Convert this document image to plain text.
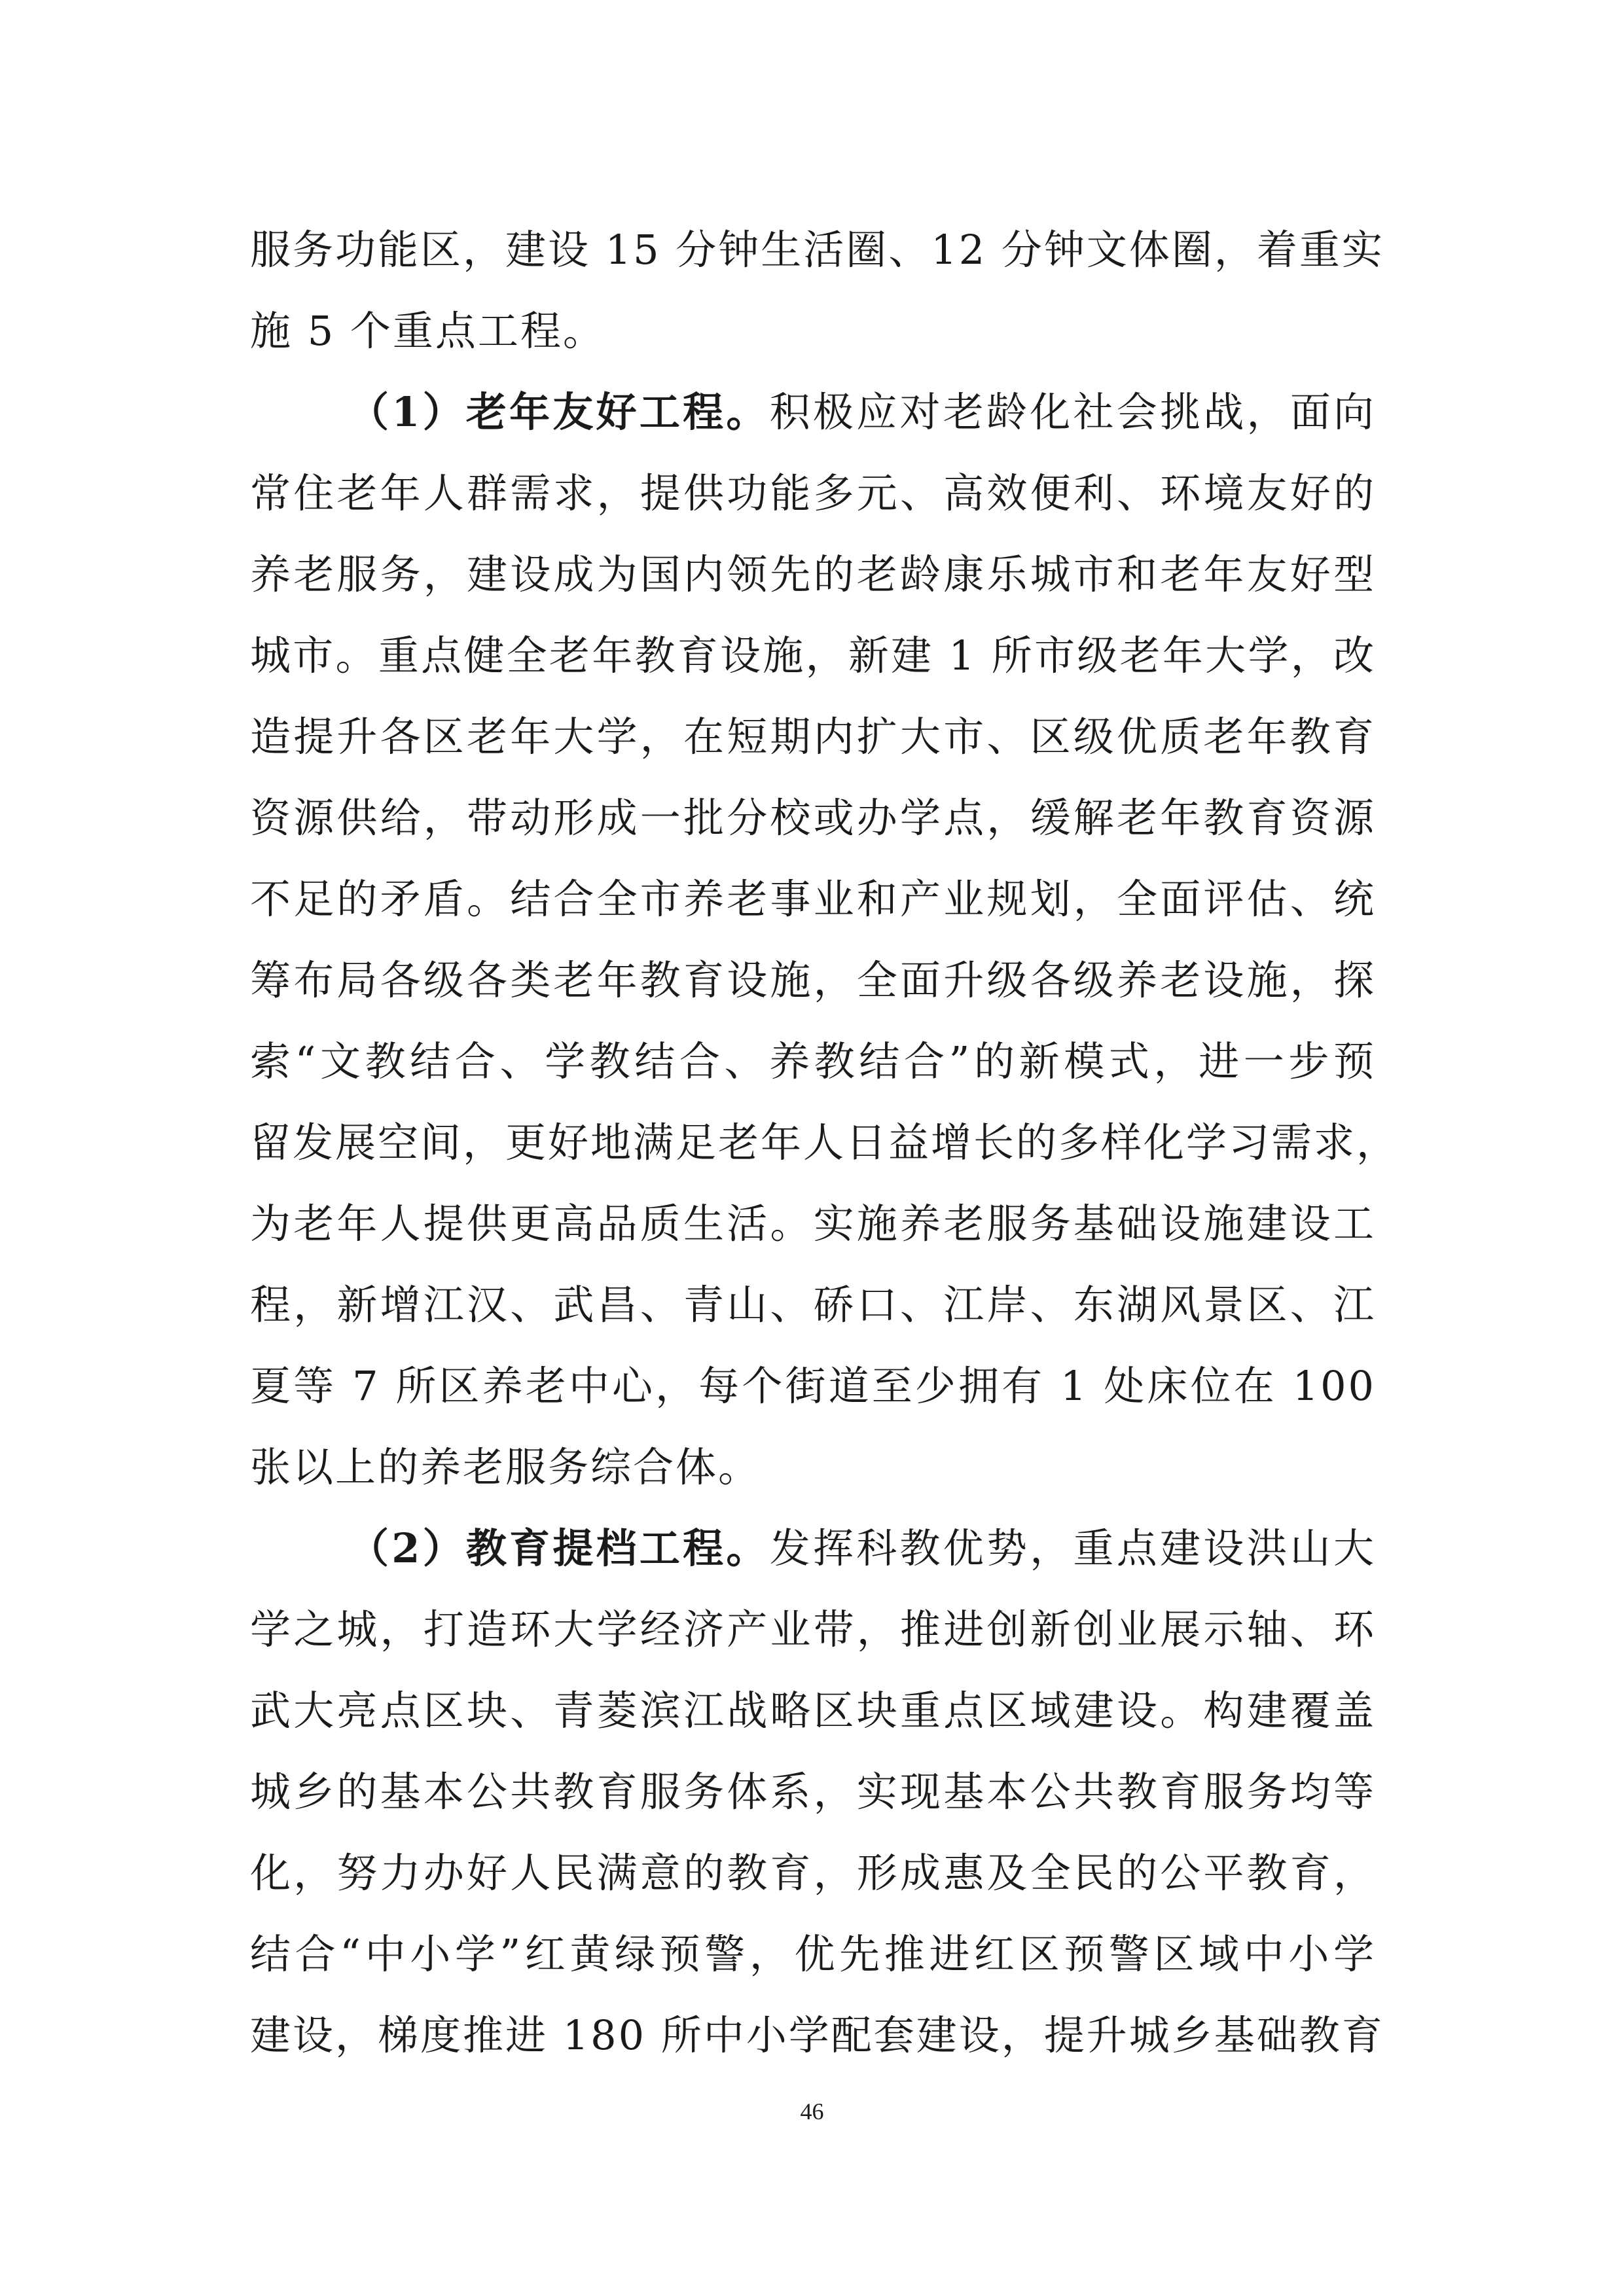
服务功能区，建设 15 分钟生活圈、12 分钟文体圈，着重实
施 5 个重点工程。
（1）老年友好工程。积极应对老龄化社会挑战，面向
常住老年人群需求，提供功能多元、高效便利、环境友好的
养老服务，建设成为国内领先的老龄康乐城市和老年友好型
城市。重点健全老年教育设施，新建 1 所市级老年大学，改
造提升各区老年大学，在短期内扩大市、区级优质老年教育
资源供给，带动形成一批分校或办学点，缓解老年教育资源
不足的矛盾。结合全市养老事业和产业规划，全面评估、统
筹布局各级各类老年教育设施，全面升级各级养老设施，探
索“文教结合、学教结合、养教结合”的新模式，进一步预
留发展空间，更好地满足老年人日益增长的多样化学习需求，
为老年人提供更高品质生活。实施养老服务基础设施建设工
程，新增江汉、武昌、青山、硚口、江岸、东湖风景区、江
夏等 7 所区养老中心，每个街道至少拥有 1 处床位在 100
张以上的养老服务综合体。
（2）教育提档工程。发挥科教优势，重点建设洪山大
学之城，打造环大学经济产业带，推进创新创业展示轴、环
武大亮点区块、青菱滨江战略区块重点区域建设。构建覆盖
城乡的基本公共教育服务体系，实现基本公共教育服务均等
化，努力办好人民满意的教育，形成惠及全民的公平教育，
结合“中小学”红黄绿预警，优先推进红区预警区域中小学
建设，梯度推进 180 所中小学配套建设，提升城乡基础教育
46
